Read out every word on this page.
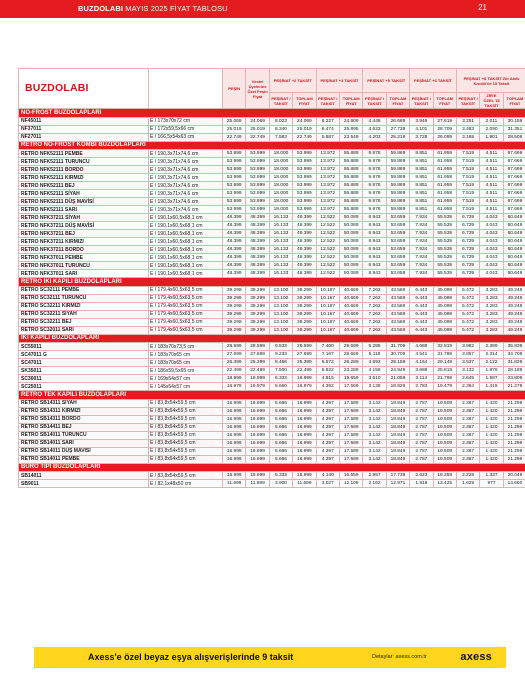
BUZDOLABI MAYIS 2025 FİYAT TABLOSU	21
BUZDOLABI		PEŞİN	Vestel Üyelerine Özel Peşin Fiyat	PEŞİNAT +2 TAKSİT		PEŞİNAT +3 TAKSİT		PEŞİNAT +5 TAKSİT		PEŞİNAT +6 TAKSİT		PEŞİNAT +8 TAKSİT Ziir Akıllı Kredili ile 15 Taksit		
				PEŞİNAT / TAKSİT	TOPLAM FİYAT	PEŞİNAT / TAKSİT	TOPLAM FİYAT	PEŞİNAT / TAKSİT	TOPLAM FİYAT	PEŞİNAT / TAKSİT	TOPLAM FİYAT	PEŞİNAT / TAKSİT	ZİR'E ÖZEL 15 TAKSİT	TOPLAM FİYAT
NO-FROST BUZDOLAPLARI														
NF45011	E / 173x70x72 cm	25.069	24.069	8.023	24.069	6.227	24.909	4.448	26.689	3.946	27.619	3.251	2.011	30.159
NF37011	E / 172x59,5x66 cm	25.019	25.019	8.340	25.019	6.474	25.895	4.623	27.739	4.101	28.709	3.483	2.090	31.351
NF27011	E / 166,5x54x63 cm	22.749	22.749	7.583	22.749	5.887	23.549	4.203	25.219	3.728	26.099	3.168	1.901	28.509
RETRO NO-FROST KOMBİ BUZDOLAPLARI														
RETRO NFK52111 PEMBE	E / 190,3x71x74,6 cm	53.999	53.999	18.000	53.999	13.972	55.889	9.978	59.869	8.851	61.959	7.519	4.511	67.669
RETRO NFK52111 TURUNCU	E / 190,3x71x74,6 cm	53.999	53.999	18.000	53.999	13.972	55.889	9.978	59.869	8.851	61.959	7.519	4.511	67.669
RETRO NFK52111 BORDO	E / 190,3x71x74,6 cm	53.999	53.999	18.000	53.999	13.972	55.889	9.978	59.869	8.851	61.959	7.519	4.511	67.669
RETRO NFK52111 KIRMIZI	E / 190,3x71x74,6 cm	53.999	53.999	18.000	53.999	13.972	55.889	9.978	59.869	8.851	61.959	7.519	4.511	67.669
RETRO NFK52111 BEJ	E / 190,3x71x74,6 cm	53.999	53.999	18.000	53.999	13.972	55.889	9.978	59.869	8.851	61.959	7.519	4.511	67.669
RETRO NFK52111 SİYAH	E / 190,3x71x74,6 cm	53.999	53.999	18.000	53.999	13.972	55.889	9.978	59.869	8.851	61.959	7.519	4.511	67.669
RETRO NFK52111 DÜŞ MAVİSİ	E / 190,3x71x74,6 cm	53.999	53.999	18.000	53.999	13.972	55.889	9.978	59.869	8.851	61.959	7.519	4.511	67.669
RETRO NFK52111 SARI	E / 190,3x71x74,6 cm	53.999	53.999	18.000	53.999	13.972	55.889	9.978	59.869	8.851	61.959	7.519	4.511	67.669
RETRO NFK37211 SİYAH	E / 190,1x60,5x68,1 cm	48.399	48.399	16.133	48.399	12.522	50.089	8.943	53.659	7.934	55.539	6.739	4.043	60.649
RETRO NFK37211 DÜŞ MAVİSİ	E / 190,1x60,5x68,1 cm	48.399	48.399	16.133	48.399	12.522	50.089	8.943	53.659	7.934	55.539	6.739	4.043	60.649
RETRO NFK37211 BEJ	E / 190,1x60,5x68,1 cm	48.399	48.399	16.133	48.399	12.522	50.089	8.943	53.659	7.934	55.539	6.739	4.043	60.649
RETRO NFK37211 KIRMIZI	E / 190,1x60,5x68,1 cm	48.399	48.399	16.133	48.399	12.522	50.089	8.943	53.659	7.934	55.539	6.739	4.043	60.649
RETRO NFK37211 BORDO	E / 190,1x60,5x68,1 cm	48.399	48.399	16.133	48.399	12.522	50.089	8.943	53.659	7.934	55.539	6.739	4.043	60.649
RETRO NFK37011 PEMBE	E / 190,1x60,5x68,1 cm	48.399	48.399	16.133	48.399	12.522	50.089	8.943	53.659	7.934	55.539	6.739	4.043	60.649
RETRO NFK37011 TURUNCU	E / 190,1x60,5x68,1 cm	48.399	48.399	16.133	48.399	12.522	50.089	8.943	53.659	7.934	55.539	6.739	4.043	60.649
RETRO NFK37011 SARI	E / 190,1x60,5x68,1 cm	48.399	48.399	16.133	48.399	12.522	50.089	8.943	53.659	7.934	55.539	6.739	4.043	60.649
RETRO İKİ KAPILI BUZDOLAPLARI														
RETRO SC32111 PEMBE	E / 179,4x60,5x63,5 cm	39.299	39.299	13.100	39.299	10.167	40.669	7.262	43.569	6.443	45.099	5.472	3.283	49.249
RETRO SC32111 TURUNCU	E / 179,4x60,5x63,5 cm	39.299	39.299	13.100	39.299	10.167	40.669	7.262	43.569	6.443	45.099	5.472	3.283	49.249
RETRO SC32211 KIRMIZI	E / 179,4x60,5x63,5 cm	39.299	39.299	13.100	39.299	10.167	40.669	7.262	43.569	6.443	45.099	5.472	3.283	49.249
RETRO SC32211 SİYAH	E / 179,4x60,5x63,5 cm	39.299	39.299	13.100	39.299	10.167	40.669	7.262	43.569	6.443	45.099	5.472	3.283	49.249
RETRO SC32211 BEJ	E / 179,4x60,5x63,5 cm	39.299	39.299	13.100	39.299	10.167	40.669	7.262	43.569	6.443	45.099	5.472	3.283	49.249
RETRO SC32011 SARI	E / 179,4x60,5x63,5 cm	39.299	39.299	13.100	39.299	10.167	40.669	7.262	43.569	6.443	45.099	5.472	3.283	49.249
İKİ KAPILI BUZDOLAPLARI														
SC55011	E / 183x70x73,5 cm	28.599	28.599	9.533	28.599	7.400	29.599	5.285	31.709	4.688	32.819	3.982	2.389	35.839
SC47011 G	E / 183x70x65 cm	27.699	27.699	9.233	27.699	7.167	28.669	5.118	30.709	4.541	31.789	3.857	2.314	34.709
SC47011	E / 183x70x65 cm	26.399	25.399	8.466	25.399	6.572	26.289	4.693	28.159	4.164	29.149	3.537	2.122	31.829
SK35011	E / 186x59,5x65 cm	22.499	22.499	7.500	22.499	5.822	23.289	4.158	24.949	3.688	25.819	3.132	1.879	28.189
SC30011	E / 169x54x57 cm	18.999	18.999	6.333	18.999	4.915	19.659	3.510	21.059	3.114	21.799	2.645	1.587	23.809
SC25011	E / 145x54x57 cm	16.979	16.979	5.660	16.979	4.392	17.569	3.138	18.829	2.783	19.479	2.364	1.419	21.279
RETRO TEK KAPILI BUZDOLAPLARI														
RETRO SB14311 SİYAH	E / 83,8x54x59,5 cm	16.999	16.999	5.666	16.999	4.397	17.589	3.142	18.849	2.787	19.509	2.367	1.420	21.299
RETRO SB14311 KIRMIZI	E / 83,8x54x59,5 cm	16.999	16.999	5.666	16.999	4.397	17.589	3.142	18.849	2.787	19.509	2.367	1.420	21.299
RETRO SB14311 BORDO	E / 83,8x54x59,5 cm	16.999	16.999	5.666	16.999	4.397	17.589	3.142	18.849	2.787	19.509	2.367	1.420	21.299
RETRO SB14411 BEJ	E / 83,8x54x59,5 cm	16.999	16.999	5.666	16.999	4.397	17.589	3.142	18.849	2.787	19.509	2.367	1.420	21.299
RETRO SB14011 TURUNCU	E / 83,8x54x59,5 cm	16.999	16.999	5.666	16.999	4.397	17.589	3.142	18.849	2.787	19.509	2.367	1.420	21.299
RETRO SB14011 SARI	E / 83,8x54x59,5 cm	16.999	16.999	5.666	16.999	4.397	17.589	3.142	18.849	2.787	19.509	2.367	1.420	21.299
RETRO SB14011 DÜŞ MAVİSİ	E / 83,8x54x59,5 cm	16.999	16.999	5.666	16.999	4.397	17.589	3.142	18.849	2.787	19.509	2.367	1.420	21.299
RETRO SB14011 PEMBE	E / 83,8x54x59,5 cm	16.999	16.999	5.666	16.999	4.397	17.589	3.142	18.849	2.787	19.509	2.367	1.420	21.299
BÜRO TİPİ BUZDOLAPLARI														
SB14011	E / 83,8x54x59,5 cm	15.999	15.999	5.333	15.999	4.140	16.559	2.957	17.739	2.623	18.359	2.228	1.337	20.049
SB9011	E / 82,1x48x50 cm	11.699	11.699	3.900	11.699	3.027	12.108	2.162	12.971	1.918	13.425	1.629	977	14.660
Axess'e özel beyaz eşya alışverişlerinde 9 taksit	Detaylar: axess.com.tr	axess
